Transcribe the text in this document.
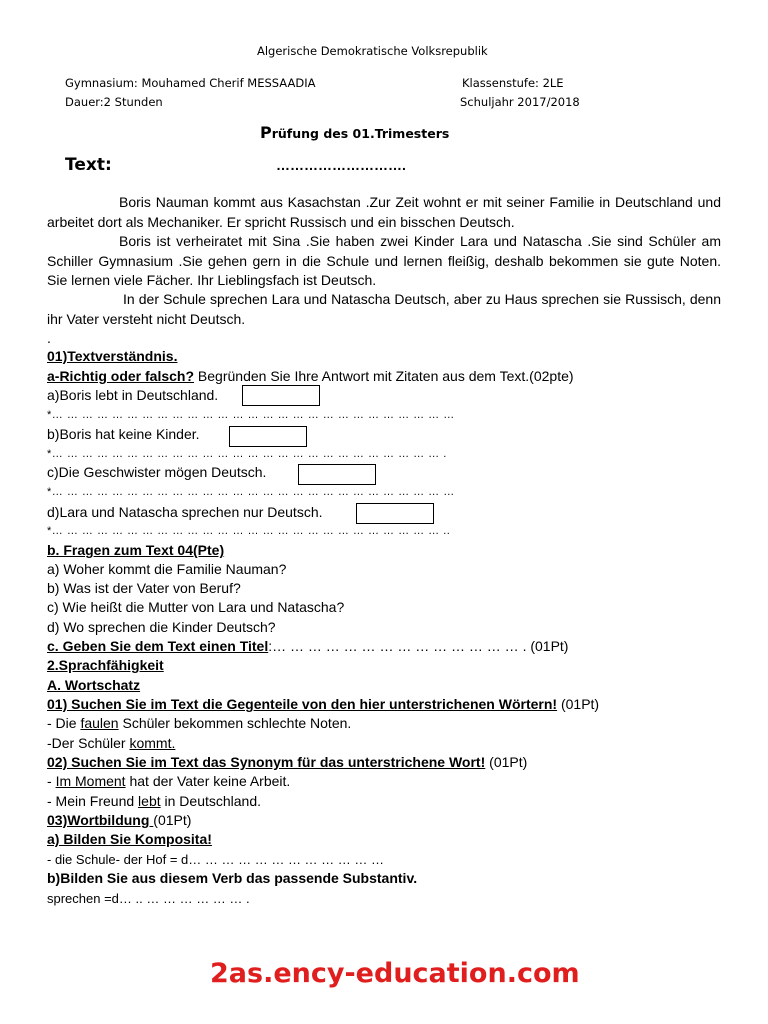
Algerische Demokratische Volksrepublik
Gymnasium: Mouhamed Cherif MESSAADIA	Klassenstufe: 2LE
Dauer:2 Stunden	Schuljahr 2017/2018
Prüfung des 01.Trimesters
Text:	……………………….
Boris Nauman kommt aus Kasachstan .Zur Zeit wohnt er mit seiner Familie in Deutschland und arbeitet dort als Mechaniker. Er spricht Russisch und ein bisschen Deutsch.
Boris ist verheiratet mit Sina .Sie haben zwei Kinder Lara und Natascha .Sie sind Schüler am Schiller Gymnasium .Sie gehen gern in die Schule und lernen fleißig, deshalb bekommen sie gute Noten. Sie lernen viele Fächer. Ihr Lieblingsfach ist Deutsch.
In der Schule sprechen Lara und Natascha Deutsch, aber zu Haus sprechen sie Russisch, denn ihr Vater versteht nicht Deutsch.
.
01)Textverständnis.
a-Richtig oder falsch? Begründen Sie Ihre Antwort mit Zitaten aus dem Text.(02pte)
a)Boris lebt in Deutschland.
*… … … … … … … … … … … … … … … … … … … … … … … … … … …
b)Boris hat keine Kinder.
*… … … … … … … … … … … … … … … … … … … … … … … … … … .
c)Die Geschwister mögen Deutsch.
*… … … … … … … … … … … … … … … … … … … … … … … … … … …
d)Lara und Natascha sprechen nur Deutsch.
*… … … … … … … … … … … … … … … … … … … … … … … … … … ..
b. Fragen zum Text 04(Pte)
a) Woher kommt die Familie Nauman?
b) Was ist der Vater von Beruf?
c) Wie heißt die Mutter von Lara und Natascha?
d) Wo sprechen die Kinder Deutsch?
c. Geben Sie dem Text einen Titel:… … … … … … … … … … … … … … . (01Pt)
2.Sprachfähigkeit
A. Wortschatz
01) Suchen Sie im Text die Gegenteile von den hier unterstrichenen Wörtern! (01Pt)
- Die faulen Schüler bekommen schlechte Noten.
-Der Schüler kommt.
02) Suchen Sie im Text das Synonym für das unterstrichene Wort! (01Pt)
- Im Moment hat der Vater keine Arbeit.
- Mein Freund lebt in Deutschland.
03)Wortbildung (01Pt)
a) Bilden Sie Komposita!
- die Schule- der Hof = d… … … … … … … … … … … …
b)Bilden Sie aus diesem Verb das passende Substantiv.
sprechen =d… .. … … … … … … .
2as.ency-education.com
